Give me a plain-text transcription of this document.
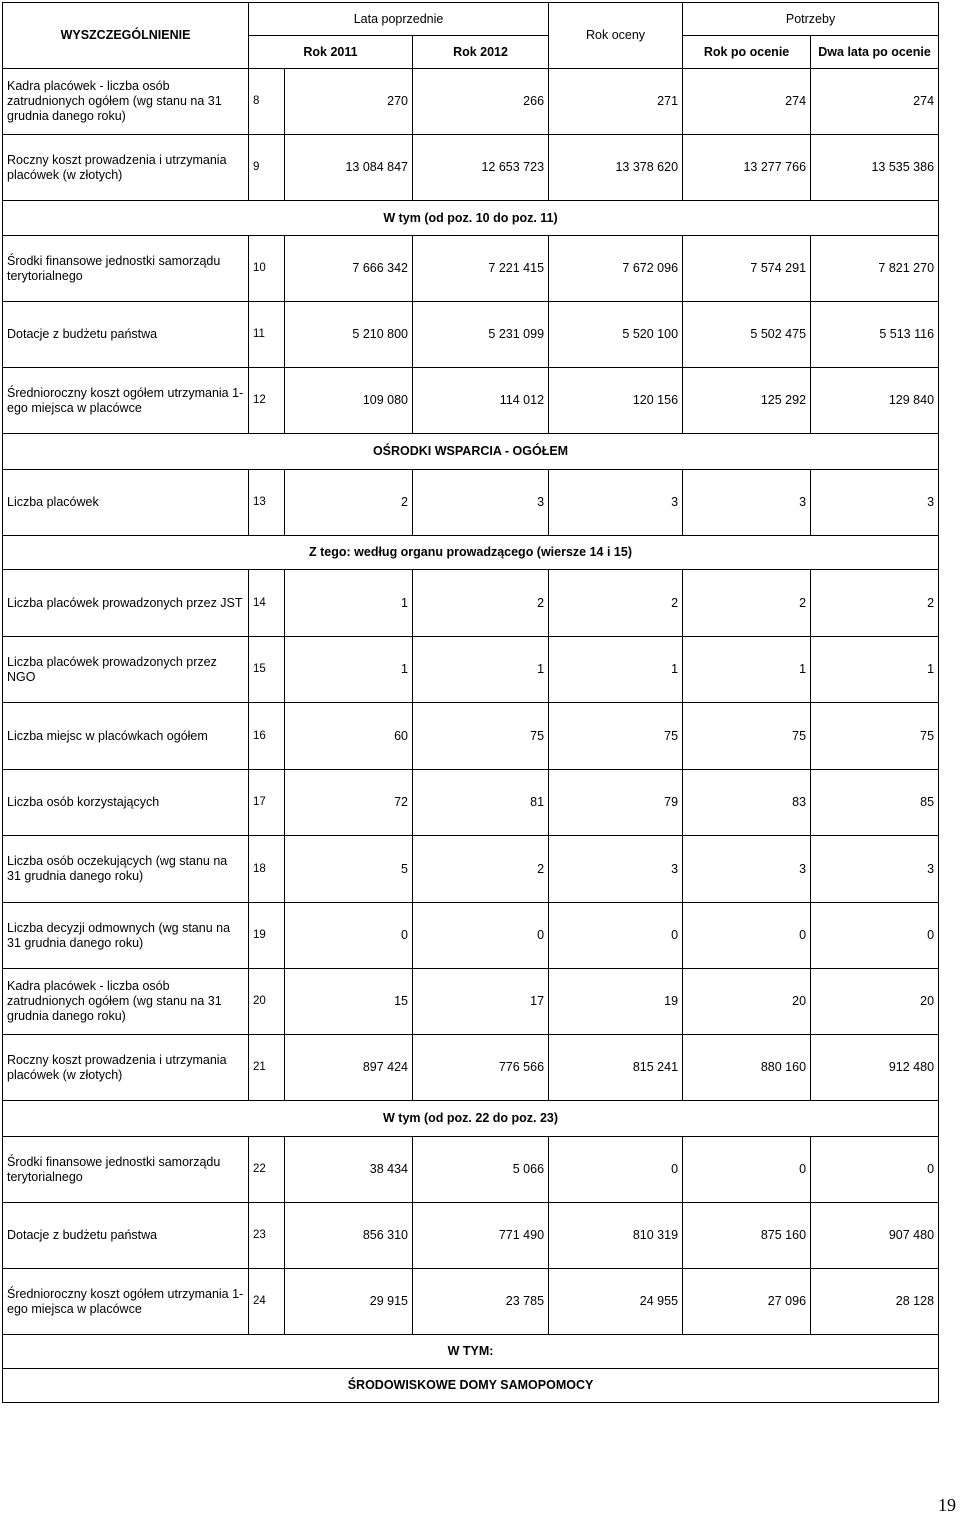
WYSZCZEGÓLNIENIE	Lata poprzednie			Rok oceny	Potrzeby	
	Rok 2011		Rok 2012		Rok po ocenie	Dwa lata po ocenie
Kadra placówek - liczba osób zatrudnionych ogółem (wg stanu na 31 grudnia danego roku)	8	270	266	271	274	274
Roczny koszt prowadzenia i utrzymania placówek (w złotych)	9	13 084 847	12 653 723	13 378 620	13 277 766	13 535 386
W tym (od poz. 10 do poz. 11)						
Środki finansowe jednostki samorządu terytorialnego	10	7 666 342	7 221 415	7 672 096	7 574 291	7 821 270
Dotacje z budżetu państwa	11	5 210 800	5 231 099	5 520 100	5 502 475	5 513 116
Średnioroczny koszt ogółem utrzymania 1-ego miejsca w placówce	12	109 080	114 012	120 156	125 292	129 840
OŚRODKI WSPARCIA - OGÓŁEM						
Liczba placówek	13	2	3	3	3	3
Z tego: według organu prowadzącego (wiersze 14 i 15)						
Liczba placówek prowadzonych przez JST	14	1	2	2	2	2
Liczba placówek prowadzonych przez NGO	15	1	1	1	1	1
Liczba miejsc w placówkach ogółem	16	60	75	75	75	75
Liczba osób korzystających	17	72	81	79	83	85
Liczba osób oczekujących (wg stanu na 31 grudnia danego roku)	18	5	2	3	3	3
Liczba decyzji odmownych (wg stanu na 31 grudnia danego roku)	19	0	0	0	0	0
Kadra placówek - liczba osób zatrudnionych ogółem (wg stanu na 31 grudnia danego roku)	20	15	17	19	20	20
Roczny koszt prowadzenia i utrzymania placówek (w złotych)	21	897 424	776 566	815 241	880 160	912 480
W tym (od poz. 22 do poz. 23)						
Środki finansowe jednostki samorządu terytorialnego	22	38 434	5 066	0	0	0
Dotacje z budżetu państwa	23	856 310	771 490	810 319	875 160	907 480
Średnioroczny koszt ogółem utrzymania 1-ego miejsca w placówce	24	29 915	23 785	24 955	27 096	28 128
W TYM:						
ŚRODOWISKOWE DOMY SAMOPOMOCY						
19
